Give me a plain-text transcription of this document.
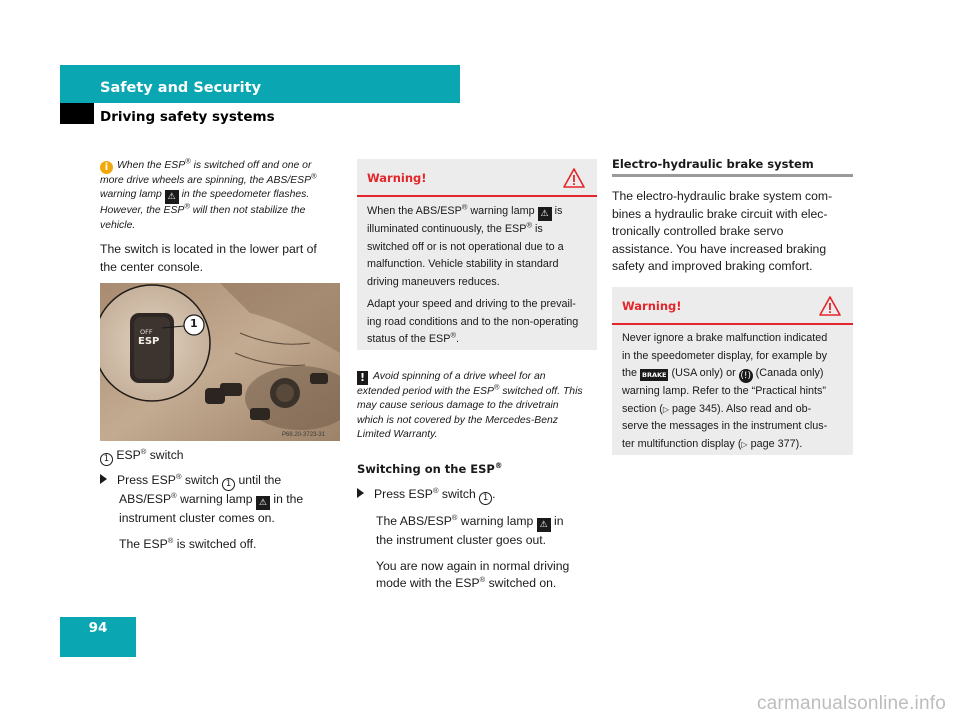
Safety and Security
Driving safety systems
i When the ESP® is switched off and one or
more drive wheels are spinning, the ABS/ESP®
warning lamp ⚠ in the speedometer flashes.
However, the ESP® will then not stabilize the
vehicle.

The switch is located in the lower part of

the center console.

OFF
ESP
1
P68.20-3723-31
1 ESP® switch
Press ESP® switch 1 until the
ABS/ESP® warning lamp ⚠ in the
instrument cluster comes on.
The ESP® is switched off.
Warning!
When the ABS/ESP® warning lamp ⚠ is
illuminated continuously, the ESP® is
switched off or is not operational due to a
malfunction. Vehicle stability in standard
driving maneuvers reduces.
Adapt your speed and driving to the prevail-
ing road conditions and to the non-operating
status of the ESP®.
! Avoid spinning of a drive wheel for an
extended period with the ESP® switched off. This
may cause serious damage to the drivetrain
which is not covered by the Mercedes-Benz
Limited Warranty.
Switching on the ESP®
Press ESP® switch 1 .
The ABS/ESP® warning lamp ⚠ in
the instrument cluster goes out.
You are now again in normal driving
mode with the ESP® switched on.
Electro-hydraulic brake system

The electro-hydraulic brake system com-

bines a hydraulic brake circuit with elec-

tronically controlled brake servo

assistance. You have increased braking

safety and improved braking comfort.

Warning!
Never ignore a brake malfunction indicated
in the speedometer display, for example by
the BRAKE (USA only) or (!) (Canada only)
warning lamp. Refer to the “Practical hints”
section (▷ page 345). Also read and ob-
serve the messages in the instrument clus-
ter multifunction display (▷ page 377).
94
carmanualsonline.info
